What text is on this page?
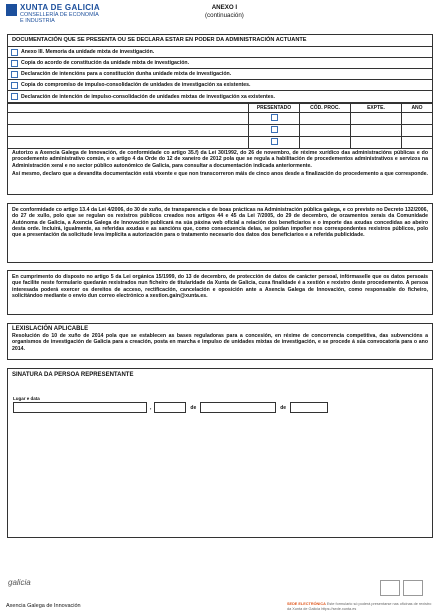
XUNTA DE GALICIA
CONSELLERÍA DE ECONOMÍA
E INDUSTRIA
ANEXO I
(continuación)
DOCUMENTACIÓN QUE SE PRESENTA OU SE DECLARA ESTAR EN PODER DA ADMINISTRACIÓN ACTUANTE
Anexo III. Memoria da unidade mixta de investigación.
Copia do acordo de constitución da unidade mixta de investigación.
Declaración de intencións para a constitución dunha unidade mixta de investigación.
Copia do compromiso de impulso-consolidación de unidades de investigación xa existentes.
Declaración de intención de impulso-consolidación de unidades mixtas de investigación xa existentes.
	PRESENTADO	CÓD. PROC.	EXPTE.	ANO

Autorizo a Axencia Galega de Innovación, de conformidade co artigo 35.f) da Lei 30/1992, do 26 de novembro, de réxime xurídico das administracións públicas e do procedemento administrativo común, e o artigo 4 da Orde do 12 de xaneiro de 2012 pola que se regula a habilitación de procedementos administrativos e servizos na Administración xeral e no sector público autonómico de Galicia, para consultar a documentación indicada anteriormente.
Así mesmo, declaro que a devandita documentación está vixente e que non transcorreron máis de cinco anos desde a finalización do procedemento a que corresponde.
De conformidade co artigo 13.4 da Lei 4/2006, do 30 de xuño, de transparencia e de boas prácticas na Administración pública galega, e co previsto no Decreto 132/2006, do 27 de xullo, polo que se regulan os rexistros públicos creados nos artigos 44 e 45 da Lei 7/2005, do 29 de decembro, de orzamentos xerais da Comunidade Autónoma de Galicia, a Axencia Galega de Innovación publicará na súa páxina web oficial a relación dos beneficiarios e o importe das axudas concedidas ao abeiro desta orde. Incluirá, igualmente, as referidas axudas e as sancións que, como consecuencia delas, se poidan impoñer nos correspondentes rexistros públicos, polo que a presentación da solicitude leva implícita a autorización para o tratamento necesario dos datos dos beneficiarios e a referida publicidade.
En cumprimento do disposto no artigo 5 da Lei orgánica 15/1999, do 13 de decembro, de protección de datos de carácter persoal, infórmaselle que os datos persoais que facilite neste formulario quedarán rexistrados nun ficheiro de titularidade da Xunta de Galicia, cuxa finalidade é a xestión e rexistro deste procedemento. A persoa interesada poderá exercer os dereitos de acceso, rectificación, cancelación e oposición ante a Axencia Galega de Innovación, como responsable do ficheiro, solicitándoo mediante o envío dun correo electrónico a xestion.gain@xunta.es.
LEXISLACIÓN APLICABLE
Resolución do 10 de xuño de 2014 pola que se establecen as bases reguladoras para a concesión, en réxime de concorrencia competitiva, das subvencións a organismos de investigación de Galicia para a creación, posta en marcha e impulso de unidades mixtas de investigación, e se procede á súa convocatoria para o ano 2014.
SINATURA DA PERSOA REPRESENTANTE
Lugar e data
,	de	de
galicia
Axencia Galega de Innovación	SEDE ELECTRÓNICA Este formulario só poderá presentarse nas oficinas de rexistro da Xunta de Galicia https://sede.xunta.es
